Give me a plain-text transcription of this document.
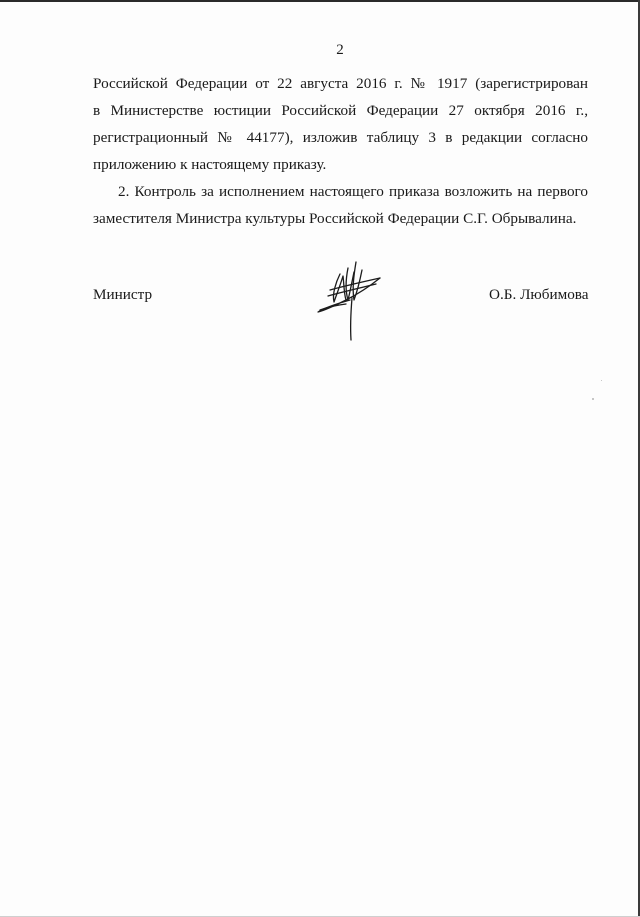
2

Российской Федерации от 22 августа 2016 г. № 1917 (зарегистрирован
в Министерстве юстиции Российской Федерации 27 октября 2016 г.,
регистрационный № 44177), изложив таблицу 3 в редакции согласно
приложению к настоящему приказу.

2. Контроль за исполнением настоящего приказа возложить на первого
заместителя Министра культуры Российской Федерации С.Г. Обрывалина.

Министр	О.Б. Любимова
